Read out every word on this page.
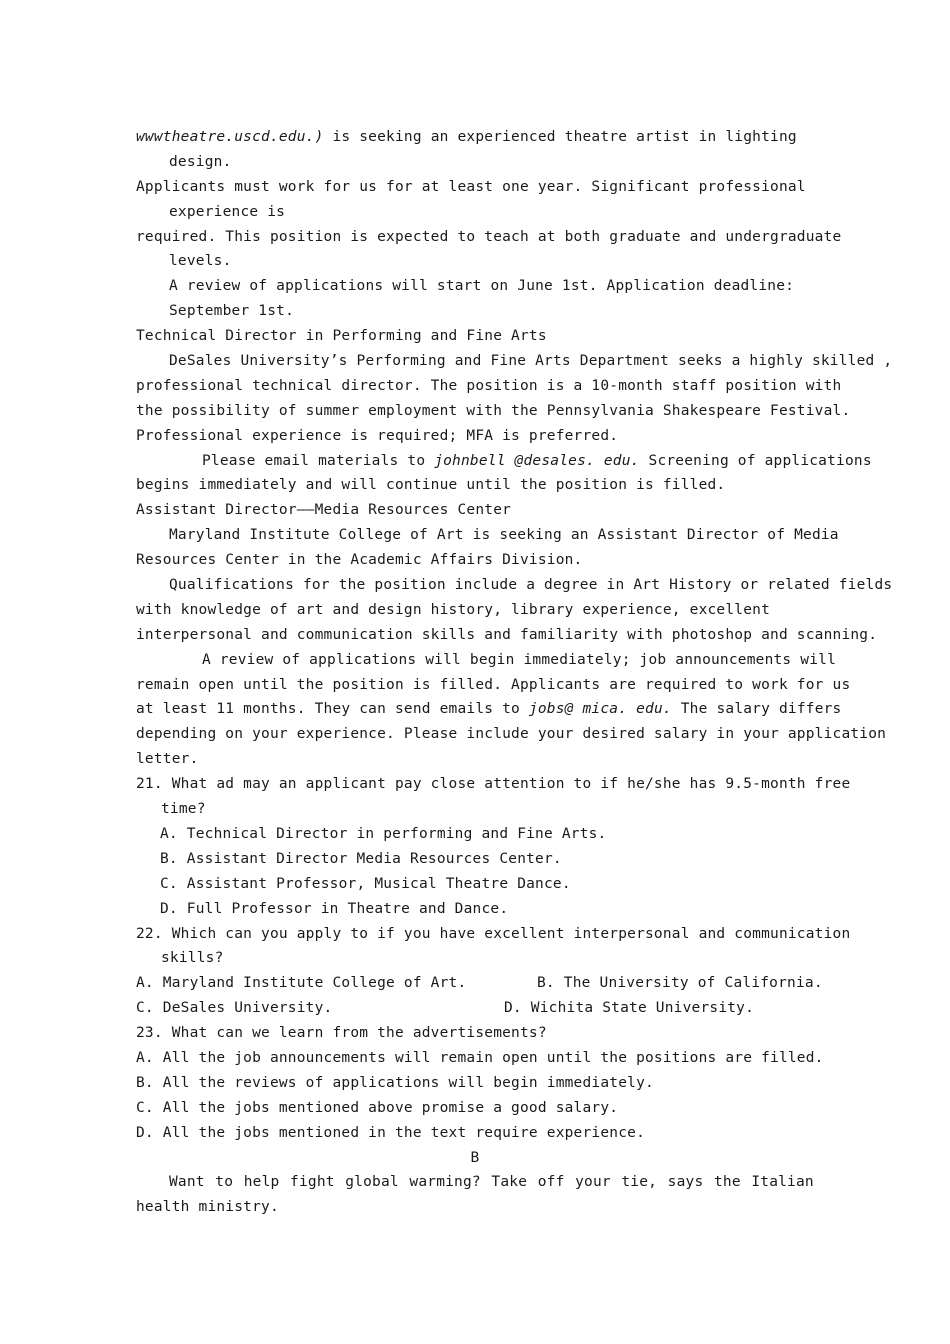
wwwtheatre.uscd.edu.) is seeking an experienced theatre artist in lighting
design.
Applicants must work for us for at least one year. Significant professional
experience is
required. This position is expected to teach at both graduate and undergraduate
levels.
A review of applications will start on June 1st. Application deadline:
September 1st.
Technical Director in Performing and Fine Arts
DeSales University’s Performing and Fine Arts Department seeks a highly skilled ,
professional technical director. The position is a 10-month staff position with
the possibility of summer employment with the Pennsylvania Shakespeare Festival.
Professional experience is required; MFA is preferred.
Please email materials to johnbell @desales. edu. Screening of applications
begins immediately and will continue until the position is filled.
Assistant Director——Media Resources Center
Maryland Institute College of Art is seeking an Assistant Director of Media
Resources Center in the Academic Affairs Division.
Qualifications for the position include a degree in Art History or related fields
with knowledge of art and design history, library experience, excellent
interpersonal and communication skills and familiarity with photoshop and scanning.
A review of applications will begin immediately; job announcements will
remain open until the position is filled. Applicants are required to work for us
at least 11 months. They can send emails to jobs@ mica. edu. The salary differs
depending on your experience. Please include your desired salary in your application
letter.
21. What ad may an applicant pay close attention to if he/she has 9.5-month free
time?
A. Technical Director in performing and Fine Arts.
B. Assistant Director Media Resources Center.
C. Assistant Professor, Musical Theatre Dance.
D. Full Professor in Theatre and Dance.
22. Which can you apply to if you have excellent interpersonal and communication
skills?
A. Maryland Institute College of Art.	B. The University of California.
C. DeSales University.	D. Wichita State University.
23. What can we learn from the advertisements?
A. All the job announcements will remain open until the positions are filled.
B. All the reviews of applications will begin immediately.
C. All the jobs mentioned above promise a good salary.
D. All the jobs mentioned in the text require experience.
B
Want to help fight global warming? Take off your tie, says the Italian
health ministry.
